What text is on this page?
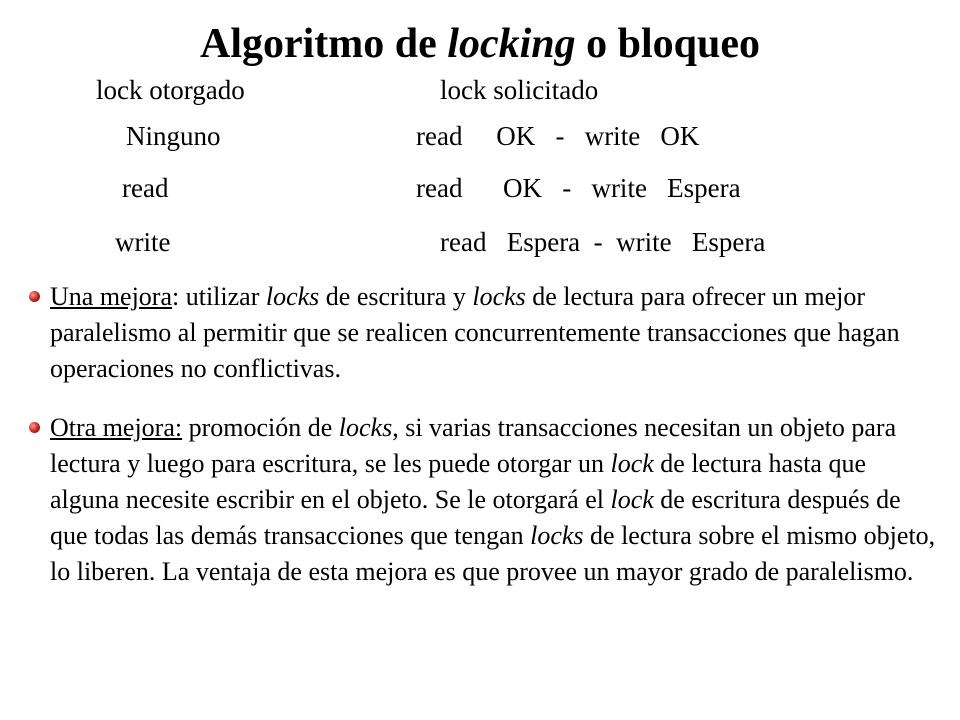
Algoritmo de locking o bloqueo
lock otorgado	lock solicitado
Ninguno	read     OK   -   write   OK
read	read      OK   -   write   Espera
write	read   Espera  -  write   Espera
Una mejora: utilizar locks de escritura y locks de lectura para ofrecer un mejor paralelismo al permitir que se realicen concurrentemente transacciones que hagan operaciones no conflictivas.
Otra mejora: promoción de locks, si varias transacciones necesitan un objeto para lectura y luego para escritura, se les puede otorgar un lock de lectura hasta que alguna necesite escribir en el objeto. Se le otorgará el lock de escritura después de que todas las demás transacciones que tengan locks de lectura sobre el mismo objeto, lo liberen. La ventaja de esta mejora es que provee un mayor grado de paralelismo.
